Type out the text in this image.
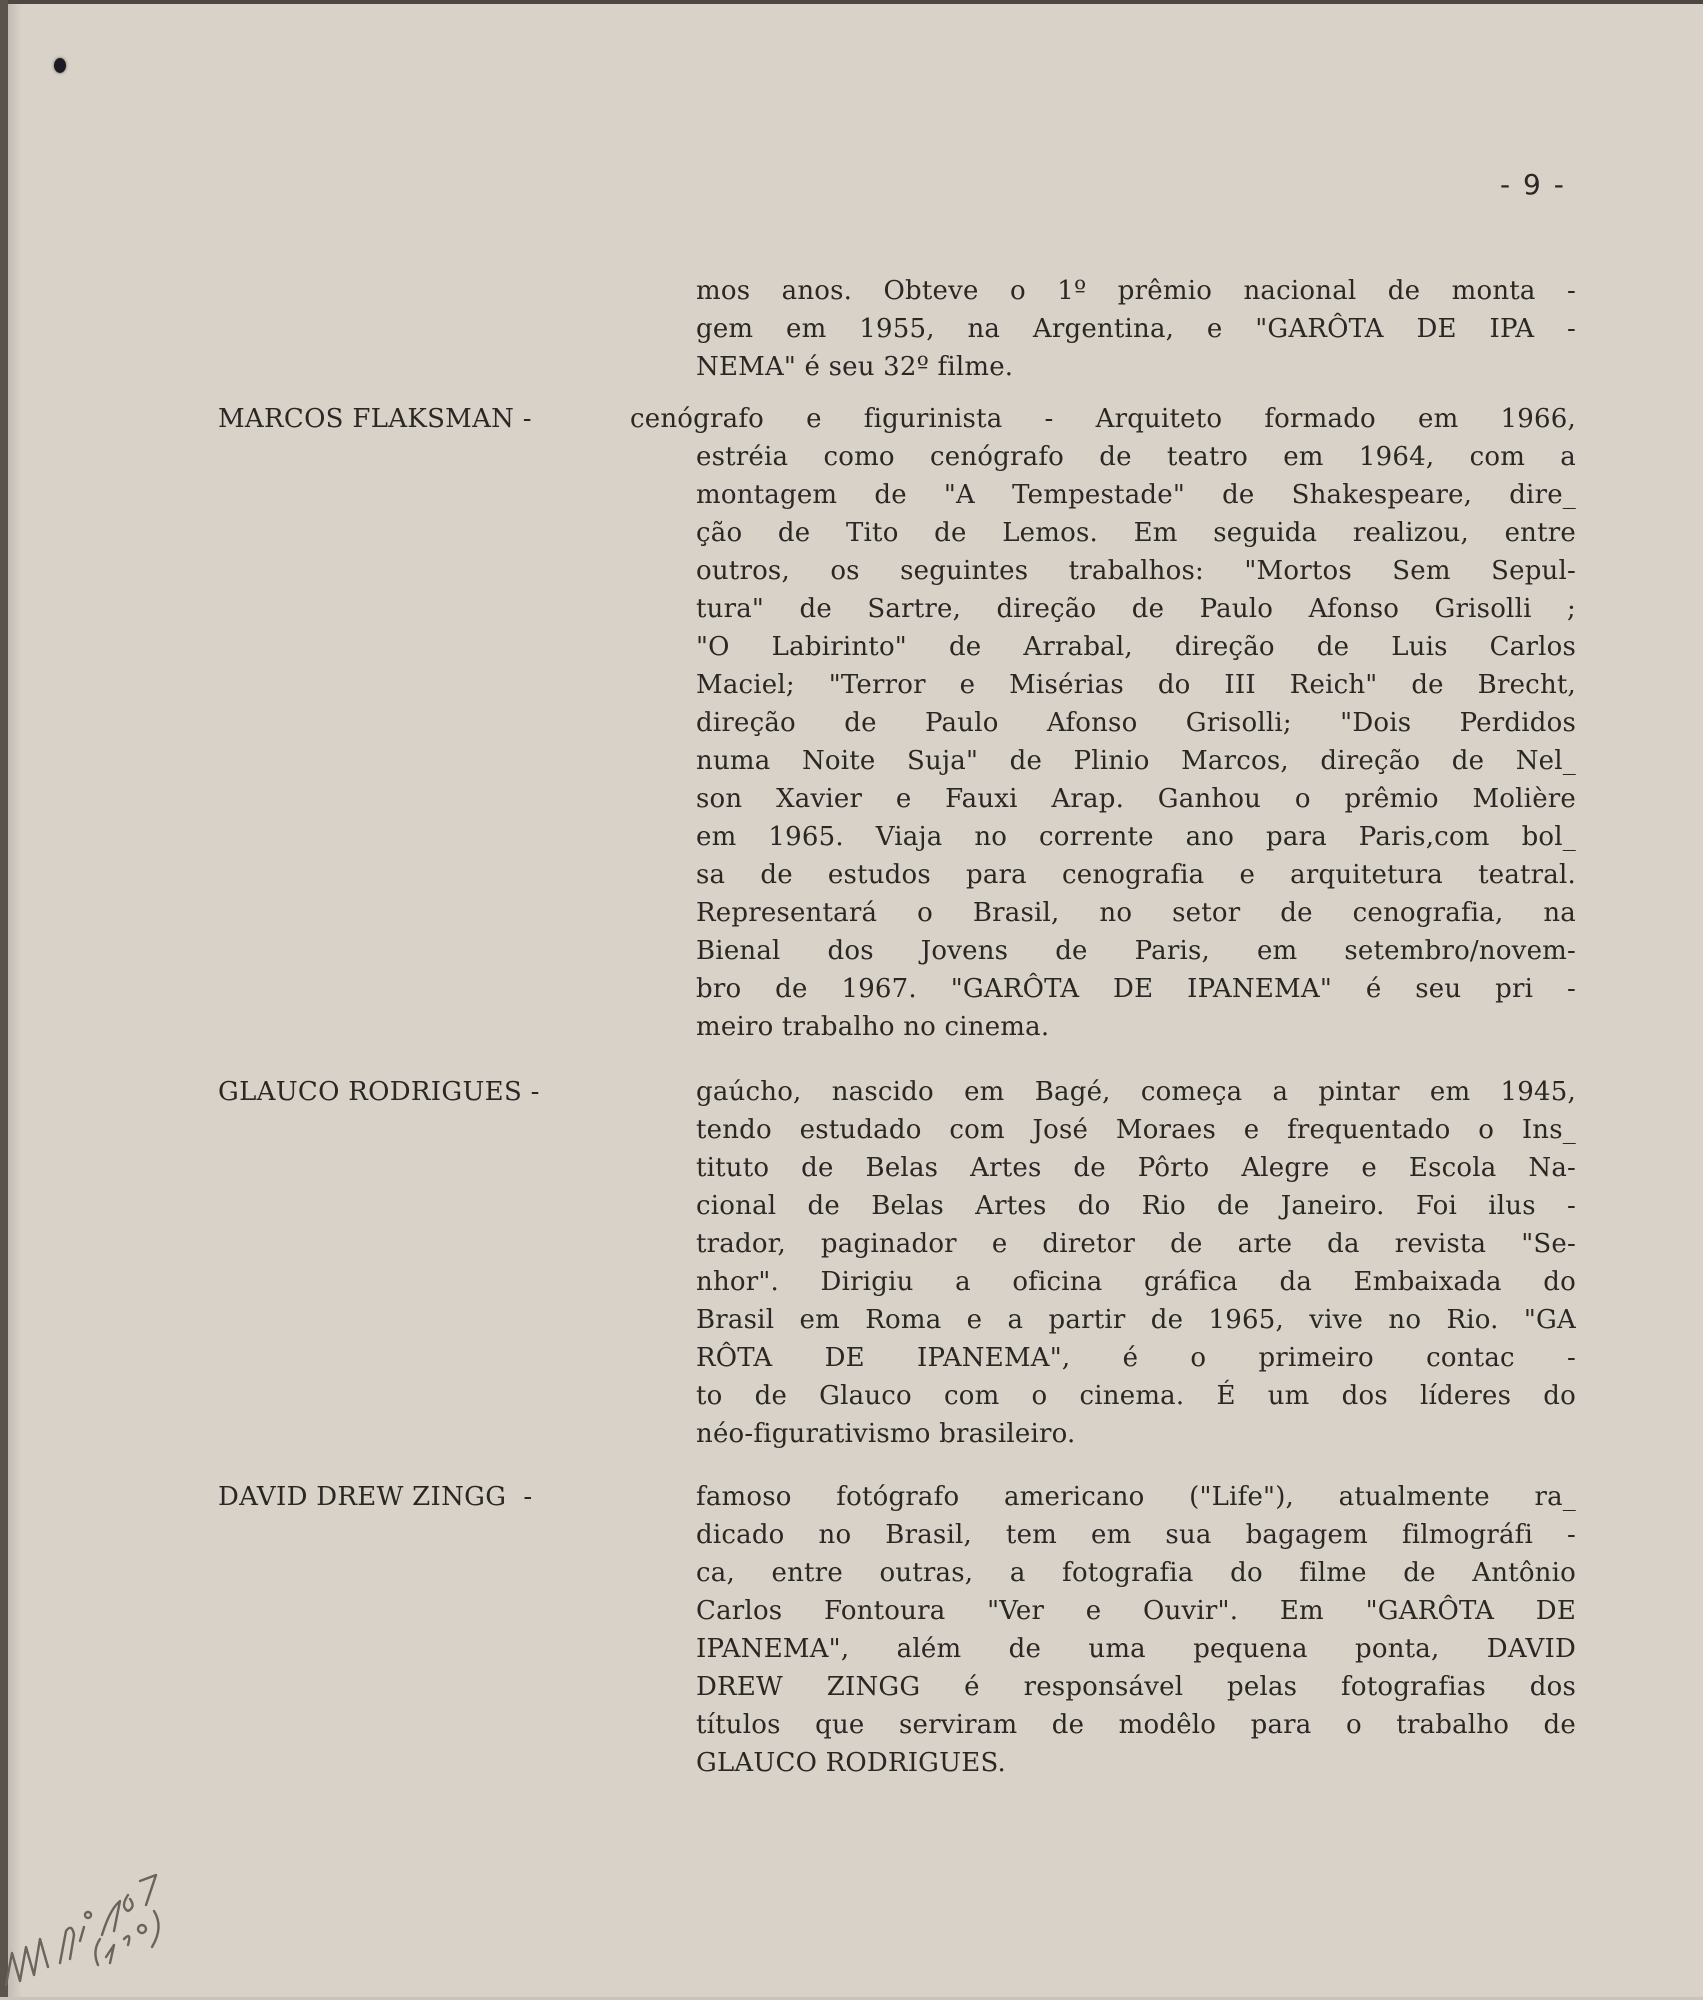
- 9 -
mos anos. Obteve o 1º prêmio nacional de monta -
gem em 1955, na Argentina, e "GARÔTA DE IPA -
NEMA" é seu 32º filme.
MARCOS FLAKSMAN -	cenógrafo e figurinista - Arquiteto formado em 1966,
estréia como cenógrafo de teatro em 1964, com a
montagem de "A Tempestade" de Shakespeare, dire_
ção de Tito de Lemos. Em seguida realizou, entre
outros, os seguintes trabalhos: "Mortos Sem Sepul-
tura" de Sartre, direção de Paulo Afonso Grisolli ;
"O Labirinto" de Arrabal, direção de Luis Carlos
Maciel; "Terror e Misérias do III Reich" de Brecht,
direção de Paulo Afonso Grisolli; "Dois Perdidos
numa Noite Suja" de Plinio Marcos, direção de Nel_
son Xavier e Fauxi Arap. Ganhou o prêmio Molière
em 1965. Viaja no corrente ano para Paris,com bol_
sa de estudos para cenografia e arquitetura teatral.
Representará o Brasil, no setor de cenografia, na
Bienal dos Jovens de Paris, em setembro/novem-
bro de 1967. "GARÔTA DE IPANEMA" é seu pri -
meiro trabalho no cinema.
GLAUCO RODRIGUES -	gaúcho, nascido em Bagé, começa a pintar em 1945,
tendo estudado com José Moraes e frequentado o Ins_
tituto de Belas Artes de Pôrto Alegre e Escola Na-
cional de Belas Artes do Rio de Janeiro. Foi ilus -
trador, paginador e diretor de arte da revista "Se-
nhor". Dirigiu a oficina gráfica da Embaixada do
Brasil em Roma e a partir de 1965, vive no Rio. "GA
RÔTA DE IPANEMA", é o primeiro contac -
to de Glauco com o cinema. É um dos líderes do
néo-figurativismo brasileiro.
DAVID DREW ZINGG  -	famoso fotógrafo americano ("Life"), atualmente ra_
dicado no Brasil, tem em sua bagagem filmográfi -
ca, entre outras, a fotografia do filme de Antônio
Carlos Fontoura "Ver e Ouvir". Em "GARÔTA DE
IPANEMA", além de uma pequena ponta, DAVID
DREW ZINGG é responsável pelas fotografias dos
títulos que serviram de modêlo para o trabalho de
GLAUCO RODRIGUES.
MMº 167 (12º)
